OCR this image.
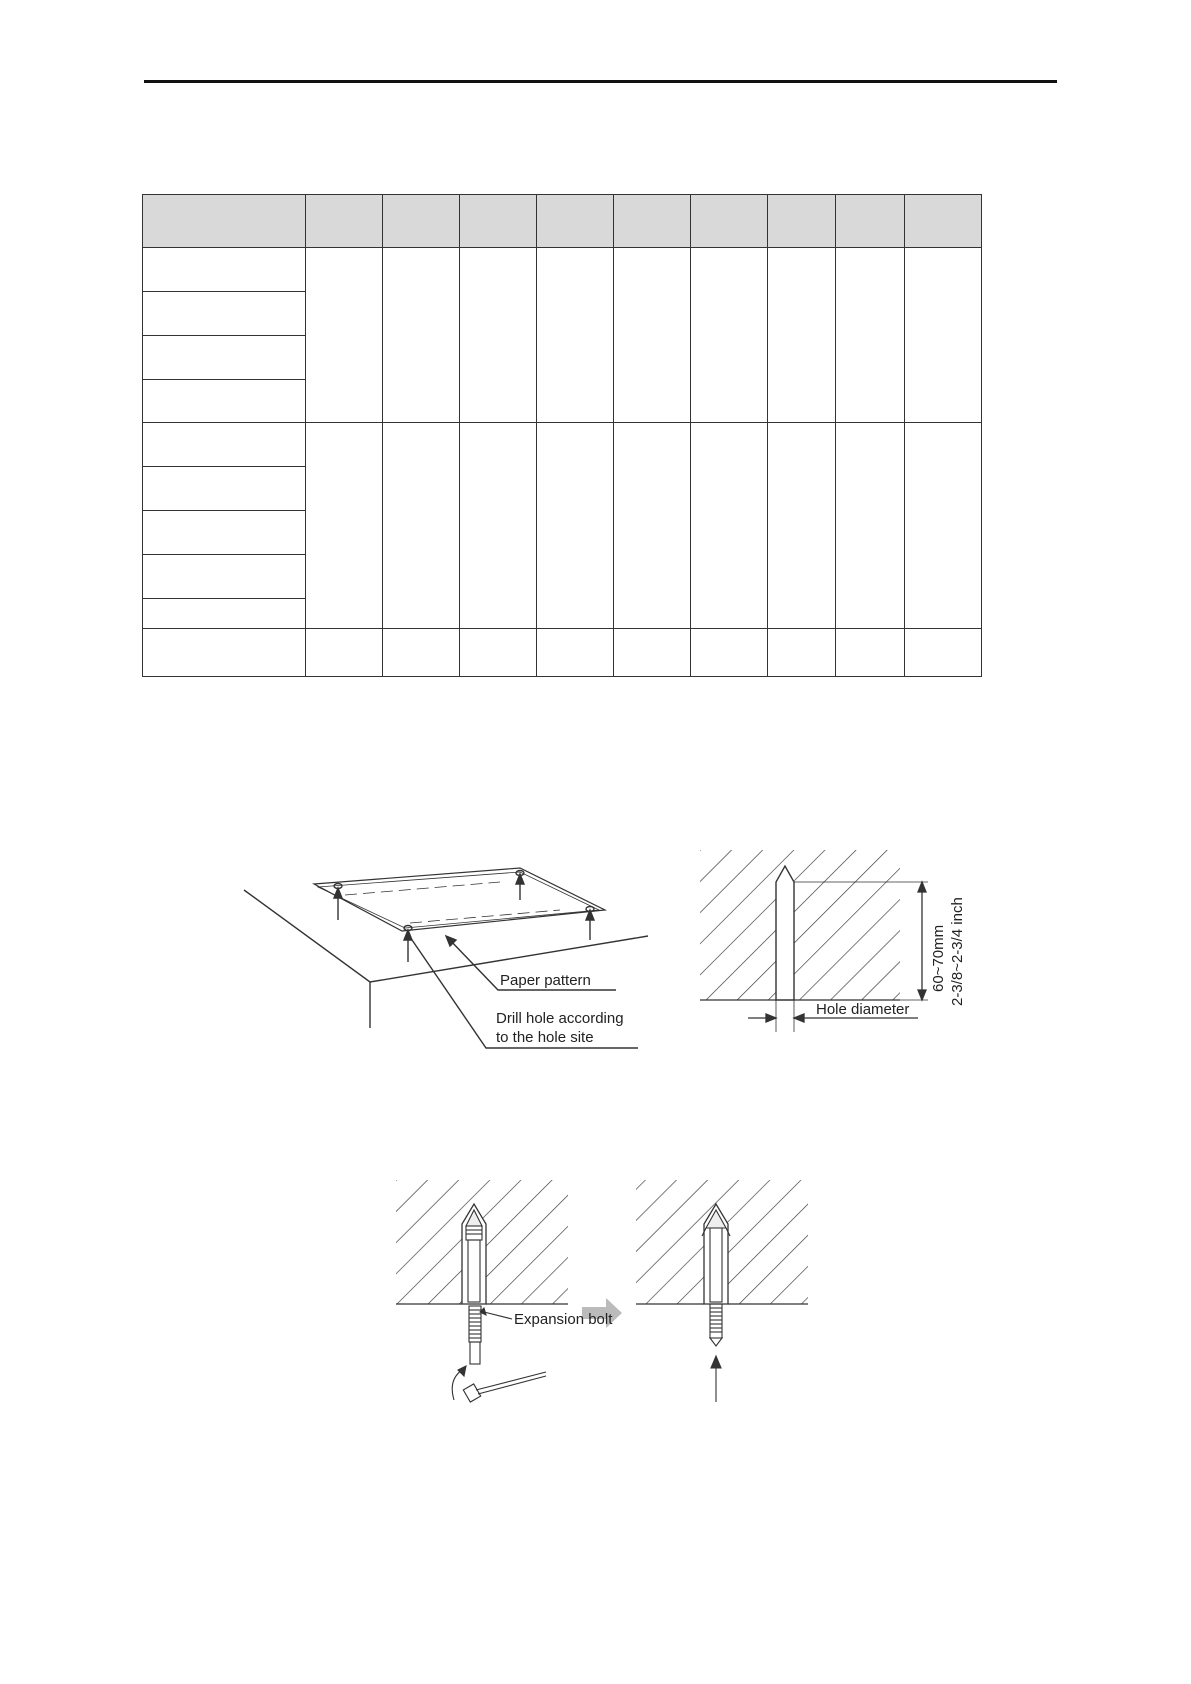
Paper pattern
Drill hole according
to the hole site
Hole diameter
60~70mm 2-3/8~2-3/4 inch
Expansion bolt
